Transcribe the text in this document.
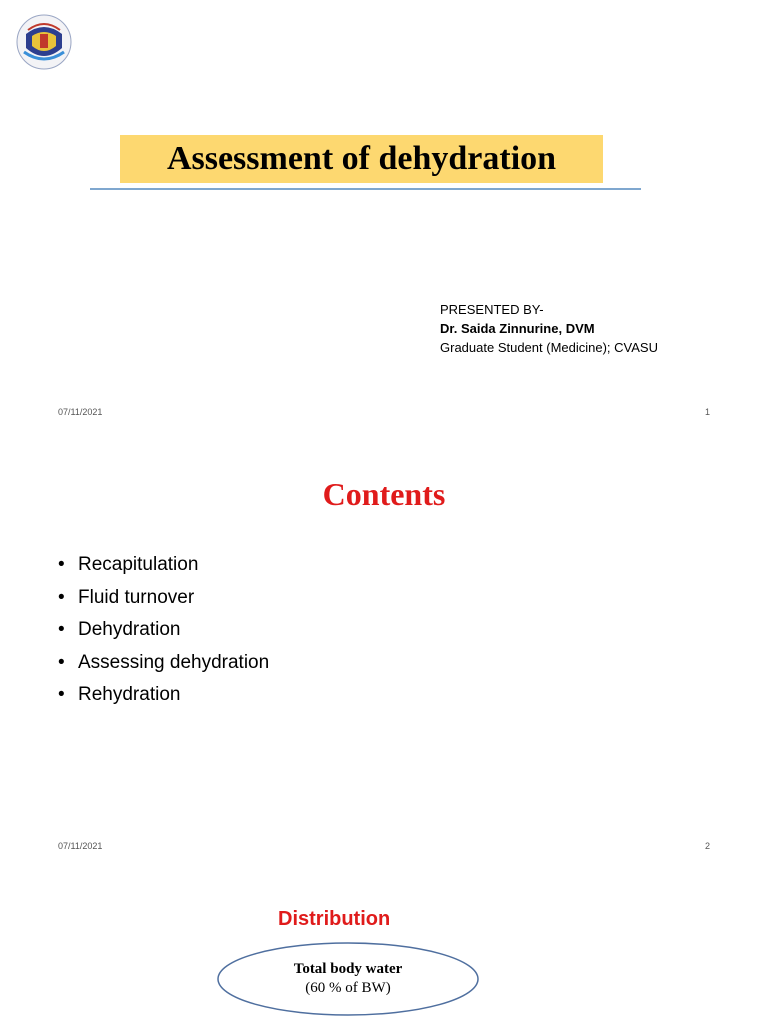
Assessment of dehydration
PRESENTED BY-
Dr. Saida Zinnurine, DVM
Graduate Student (Medicine); CVASU
07/11/2021	1
Contents
• Recapitulation
• Fluid turnover
• Dehydration
• Assessing dehydration
• Rehydration
07/11/2021	2
Distribution
Total body water
(60 % of BW)
